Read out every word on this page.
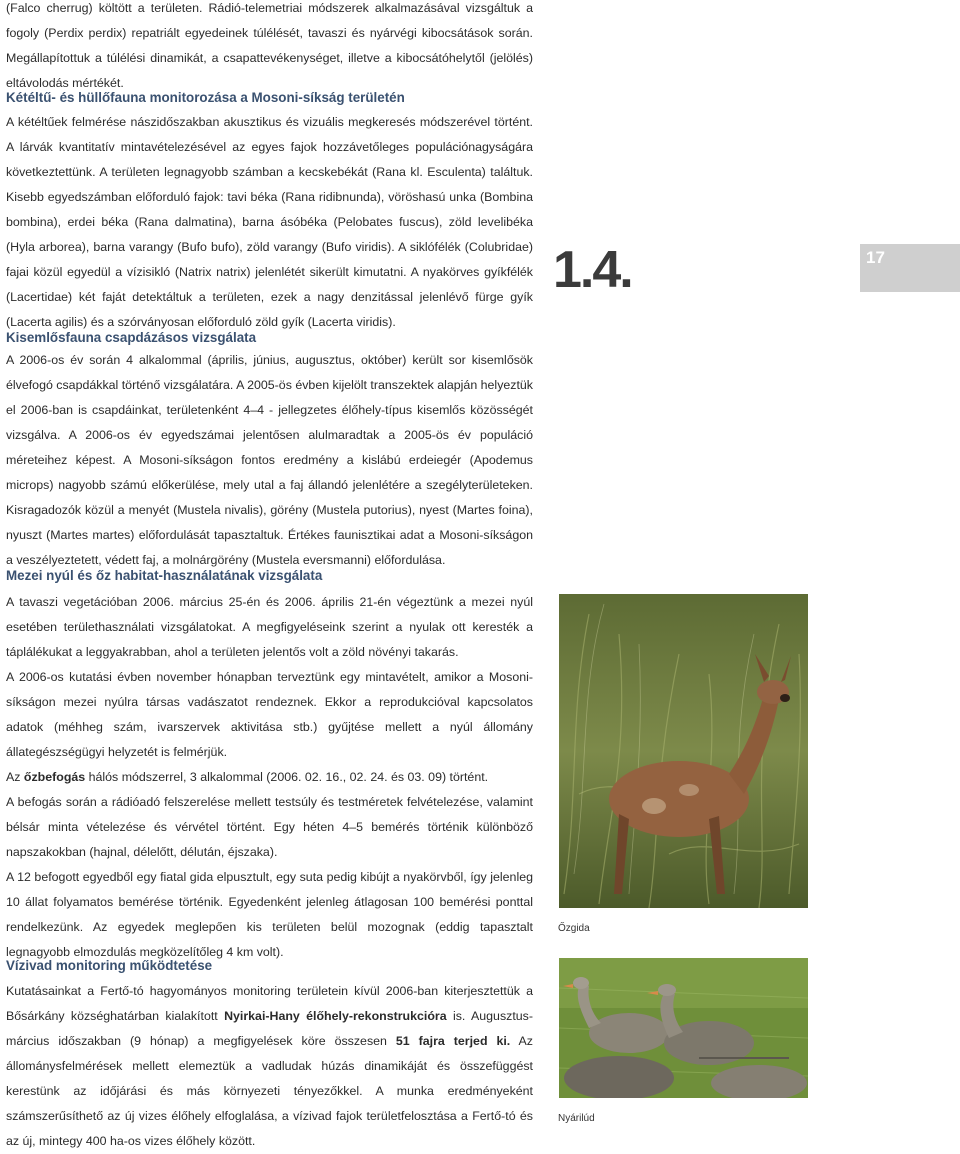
(Falco cherrug) költött a területen. Rádió-telemetriai módszerek alkalmazásával vizsgáltuk a fogoly (Perdix perdix) repatriált egyedeinek túlélését, tavaszi és nyárvégi kibocsátások során. Megállapítottuk a túlélési dinamikát, a csapattevékenységet, illetve a kibocsátóhelytől (jelölés) eltávolodás mértékét.

Kétéltű- és hüllőfauna monitorozása a Mosoni-síkság területén

A kétéltűek felmérése nászidőszakban akusztikus és vizuális megkeresés módszerével történt. A lárvák kvantitatív mintavételezésével az egyes fajok hozzávetőleges populációnagyságára következtettünk. A területen legnagyobb számban a kecskebékát (Rana kl. Esculenta) találtuk. Kisebb egyedszámban előforduló fajok: tavi béka (Rana ridibnunda), vöröshasú unka (Bombina bombina), erdei béka (Rana dalmatina), barna ásóbéka (Pelobates fuscus), zöld levelibéka (Hyla arborea), barna varangy (Bufo bufo), zöld varangy (Bufo viridis). A siklófélék (Colubridae) fajai közül egyedül a vízisikló (Natrix natrix) jelenlétét sikerült kimutatni. A nyakörves gyíkfélék (Lacertidae) két faját detektáltuk a területen, ezek a nagy denzitással jelenlévő fürge gyík (Lacerta agilis) és a szórványosan előforduló zöld gyík (Lacerta viridis).

Kisemlősfauna csapdázásos vizsgálata

A 2006-os év során 4 alkalommal (április, június, augusztus, október) került sor kisemlősök élvefogó csapdákkal történő vizsgálatára. A 2005-ös évben kijelölt transzektek alapján helyeztük el 2006-ban is csapdáinkat, területenként 4–4 - jellegzetes élőhely-típus kisemlős közösségét vizsgálva. A 2006-os év egyedszámai jelentősen alulmaradtak a 2005-ös év populáció méreteihez képest. A Mosoni-síkságon fontos eredmény a kislábú erdeiegér (Apodemus microps) nagyobb számú előkerülése, mely utal a faj állandó jelenlétére a szegélyterületeken. Kisragadozók közül a menyét (Mustela nivalis), görény (Mustela putorius), nyest (Martes foina), nyuszt (Martes martes) előfordulását tapasztaltuk. Értékes faunisztikai adat a Mosoni-síkságon a veszélyeztetett, védett faj, a molnárgörény (Mustela eversmanni) előfordulása.

Mezei nyúl és őz habitat-használatának vizsgálata

A tavaszi vegetációban 2006. március 25-én és 2006. április 21-én végeztünk a mezei nyúl esetében területhasználati vizsgálatokat. A megfigyeléseink szerint a nyulak ott keresték a táplálékukat a leggyakrabban, ahol a területen jelentős volt a zöld növényi takarás.

A 2006-os kutatási évben november hónapban terveztünk egy mintavételt, amikor a Mosoni-síkságon mezei nyúlra társas vadászatot rendeznek. Ekkor a reprodukcióval kapcsolatos adatok (méhheg szám, ivarszervek aktivitása stb.) gyűjtése mellett a nyúl állomány állategészségügyi helyzetét is felmérjük.

Az őzbefogás hálós módszerrel, 3 alkalommal (2006. 02. 16., 02. 24. és 03. 09) történt.

A befogás során a rádióadó felszerelése mellett testsúly és testméretek felvételezése, valamint bélsár minta vételezése és vérvétel történt. Egy héten 4–5 bemérés történik különböző napszakokban (hajnal, délelőtt, délután, éjszaka).

A 12 befogott egyedből egy fiatal gida elpusztult, egy suta pedig kibújt a nyakörvből, így jelenleg 10 állat folyamatos bemérése történik. Egyedenként jelenleg átlagosan 100 bemérési ponttal rendelkezünk. Az egyedek meglepően kis területen belül mozognak (eddig tapasztalt legnagyobb elmozdulás megközelítőleg 4 km volt).

Vízivad monitoring működtetése

Kutatásainkat a Fertő-tó hagyományos monitoring területein kívül 2006-ban kiterjesztettük a Bősárkány községhatárban kialakított Nyirkai-Hany élőhely-rekonstrukcióra is. Augusztus-március időszakban (9 hónap) a megfigyelések köre összesen 51 fajra terjed ki. Az állománysfelmérések mellett elemeztük a vadludak húzás dinamikáját és összefüggést kerestünk az időjárási és más környezeti tényezőkkel. A munka eredményeként számszerűsíthető az új vizes élőhely elfoglalása, a vízivad fajok területfelosztása a Fertő-tó és az új, mintegy 400 ha-os vizes élőhely között.

1.4.	17
Őzgida
Nyárilúd
